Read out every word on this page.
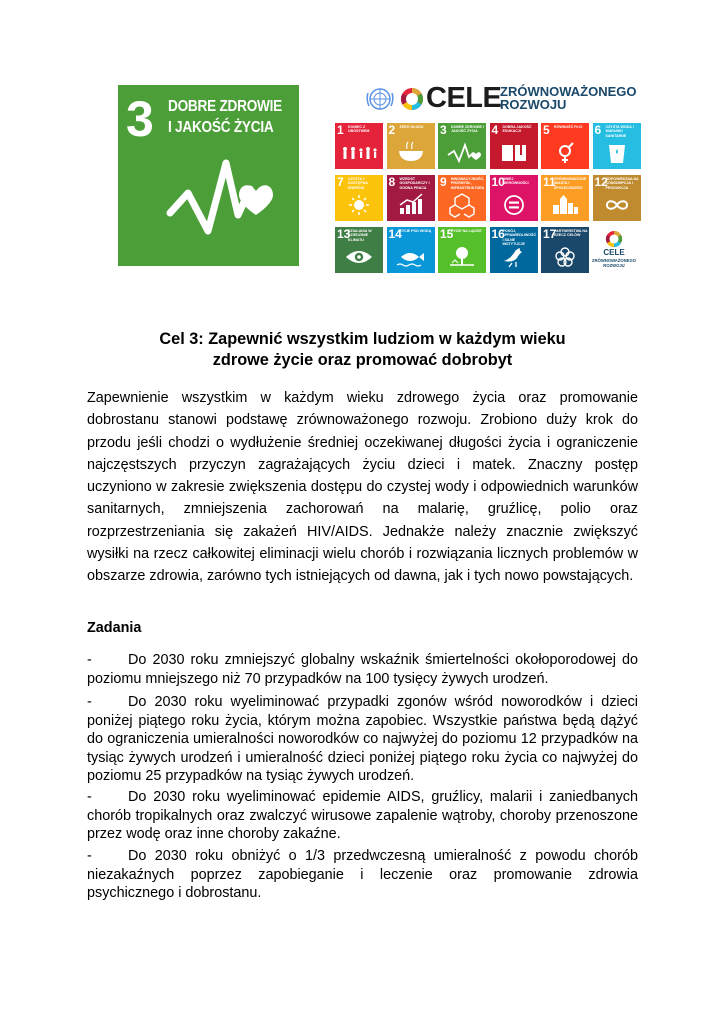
3 DOBRE ZDROWIE
I JAKOŚĆ ŻYCIA
CELE
ZRÓWNOWAŻONEGO
ROZWOJU
1 KONIEC Z UBÓSTWEM	2 ZERO GŁODU	3 DOBRE ZDROWIE I JAKOŚĆ ŻYCIA	4 DOBRA JAKOŚĆ EDUKACJI	5 RÓWNOŚĆ PŁCI	6 CZYSTA WODA I WARUNKI SANITARNE
7 CZYSTA I DOSTĘPNA ENERGIA	8 WZROST GOSPODARCZY I GODNA PRACA	9 INNOWACYJNOŚĆ, PRZEMYSŁ, INFRASTRUKTURA 10
MNIEJ NIERÓWNOŚCI	11
ZRÓWNOWAŻONE MIASTA I SPOŁECZNOŚCI	12
ODPOWIEDZIALNA KONSUMPCJA I PRODUKCJA
13
DZIAŁANIA W DZIEDZINIE KLIMATU	14
ŻYCIE POD WODĄ 15
ŻYCIE NA LĄDZIE 16
POKÓJ, SPRAWIEDLIWOŚĆ I SILNE INSTYTUCJE
17
PARTNERSTWA NA RZECZ CELÓW
CELE
ZRÓWNOWAŻONEGO ROZWOJU
Cel 3: Zapewnić wszystkim ludziom w każdym wieku
zdrowe życie oraz promować dobrobyt
Zapewnienie wszystkim w każdym wieku zdrowego życia oraz promowanie dobrostanu stanowi podstawę zrównoważonego rozwoju. Zrobiono duży krok do przodu jeśli chodzi o wydłużenie średniej oczekiwanej długości życia i ograniczenie najczęstszych przyczyn zagrażających życiu dzieci i matek. Znaczny postęp uczyniono w zakresie zwiększenia dostępu do czystej wody i odpowiednich warunków sanitarnych, zmniejszenia zachorowań na malarię, gruźlicę, polio oraz rozprzestrzeniania się zakażeń HIV/AIDS. Jednakże należy znacznie zwiększyć wysiłki na rzecz całkowitej eliminacji wielu chorób i rozwiązania licznych problemów w obszarze zdrowia, zarówno tych istniejących od dawna, jak i tych nowo powstających.
Zadania
-	Do 2030 roku zmniejszyć globalny wskaźnik śmiertelności okołoporodowej do poziomu mniejszego niż 70 przypadków na 100 tysięcy żywych urodzeń.
-	Do 2030 roku wyeliminować przypadki zgonów wśród noworodków i dzieci poniżej piątego roku życia, którym można zapobiec. Wszystkie państwa będą dążyć do ograniczenia umieralności noworodków co najwyżej do poziomu 12 przypadków na tysiąc żywych urodzeń i umieralność dzieci poniżej piątego roku życia co najwyżej do poziomu 25 przypadków na tysiąc żywych urodzeń.
-	Do 2030 roku wyeliminować epidemie AIDS, gruźlicy, malarii i zaniedbanych chorób tropikalnych oraz zwalczyć wirusowe zapalenie wątroby, choroby przenoszone przez wodę oraz inne choroby zakaźne.
-	Do 2030 roku obniżyć o 1/3 przedwczesną umieralność z powodu chorób niezakaźnych poprzez zapobieganie i leczenie oraz promowanie zdrowia psychicznego i dobrostanu.
